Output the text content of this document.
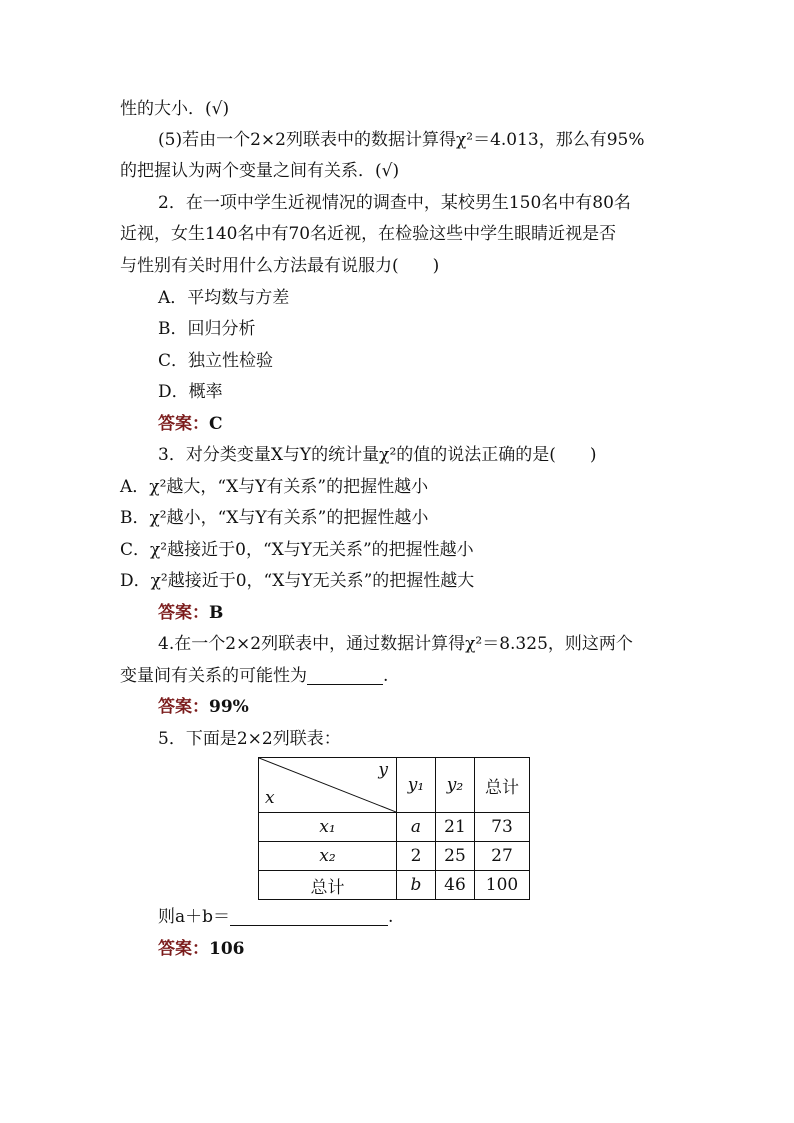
性的大小．(√)
(5)若由一个2×2列联表中的数据计算得χ²＝4.013，那么有95%
的把握认为两个变量之间有关系．(√)
2．在一项中学生近视情况的调查中，某校男生150名中有80名
近视，女生140名中有70名近视，在检验这些中学生眼睛近视是否
与性别有关时用什么方法最有说服力(　　)
A．平均数与方差
B．回归分析
C．独立性检验
D．概率
答案：C
3．对分类变量X与Y的统计量χ²的值的说法正确的是(　　)
A．χ²越大，“X与Y有关系”的把握性越小
B．χ²越小，“X与Y有关系”的把握性越小
C．χ²越接近于0，“X与Y无关系”的把握性越小
D．χ²越接近于0，“X与Y无关系”的把握性越大
答案：B
4.在一个2×2列联表中，通过数据计算得χ²＝8.325，则这两个
变量间有关系的可能性为	.
答案：99%
5．下面是2×2列联表：
y
x	y₁	y₂	总计
x₁	a	21	73
x₂	2	25	27
总计	b	46	100
则a＋b＝	.
答案：106
